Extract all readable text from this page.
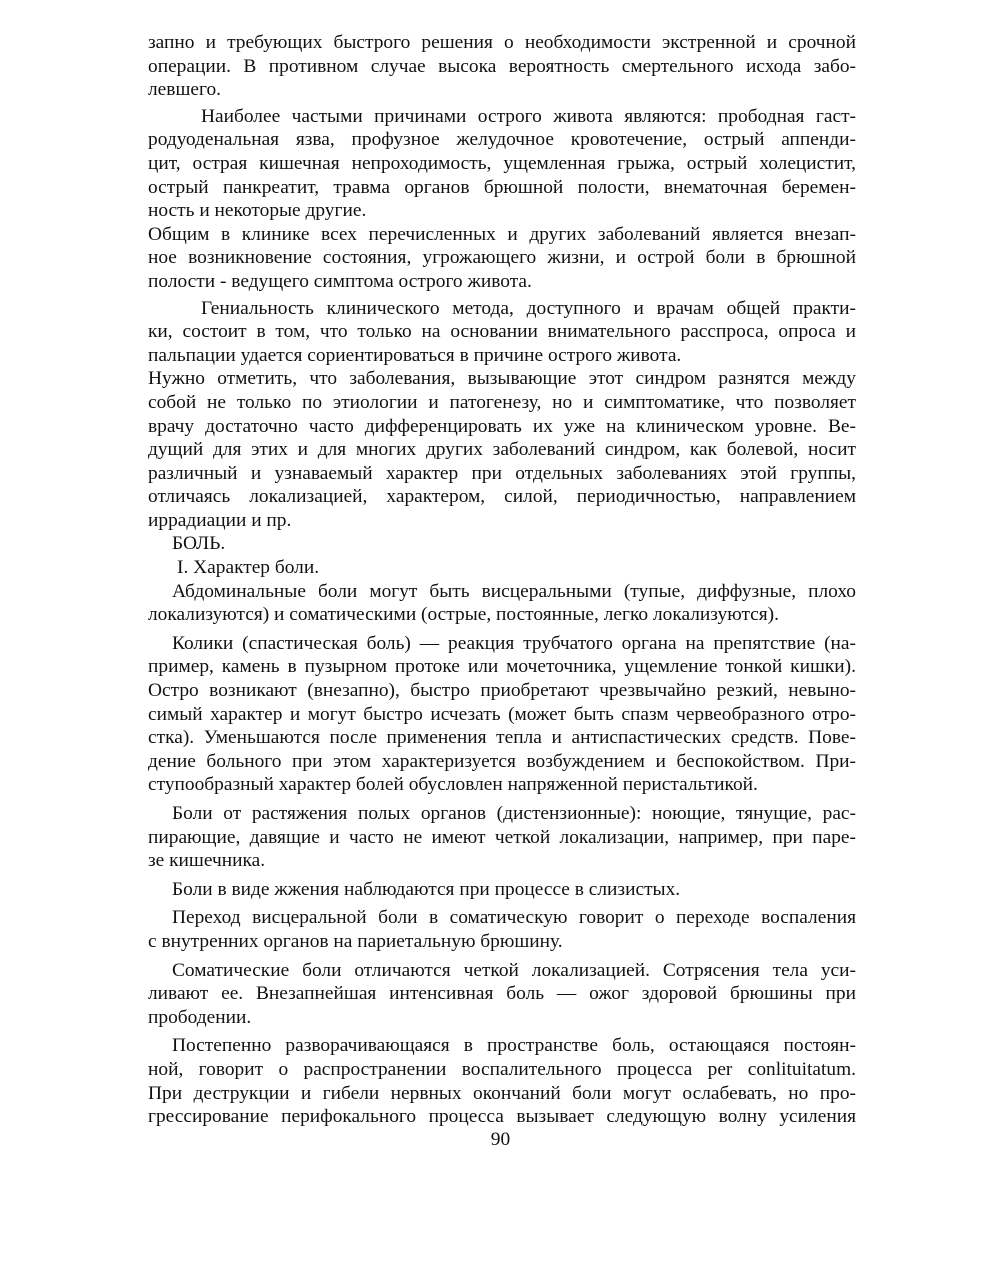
запно и требующих быстрого решения о необходимости экстренной и срочной
операции. В противном случае высока вероятность смертельного исхода забо-
левшего.
Наиболее частыми причинами острого живота являются: прободная гаст-
родуоденальная язва, профузное желудочное кровотечение, острый аппенди-
цит, острая кишечная непроходимость, ущемленная грыжа, острый холецистит,
острый панкреатит, травма органов брюшной полости, внематочная беремен-
ность и некоторые другие.
Общим в клинике всех перечисленных и других заболеваний является внезап-
ное возникновение состояния, угрожающего жизни, и острой боли в брюшной
полости - ведущего симптома острого живота.
Гениальность клинического метода, доступного и врачам общей практи-
ки, состоит в том, что только на основании внимательного расспроса, опроса и
пальпации удается сориентироваться в причине острого живота.
Нужно отметить, что заболевания, вызывающие этот синдром разнятся между
собой не только по этиологии и патогенезу, но и симптоматике, что позволяет
врачу достаточно часто дифференцировать их уже на клиническом уровне. Ве-
дущий для этих и для многих других заболеваний синдром, как болевой, носит
различный и узнаваемый характер при отдельных заболеваниях этой группы,
отличаясь локализацией, характером, силой, периодичностью, направлением
иррадиации и пр.
БОЛЬ.
I. Характер боли.
Абдоминальные боли могут быть висцеральными (тупые, диффузные, плохо
локализуются) и соматическими (острые, постоянные, легко локализуются).
Колики (спастическая боль) — реакция трубчатого органа на препятствие (на-
пример, камень в пузырном протоке или мочеточника, ущемление тонкой кишки).
Остро возникают (внезапно), быстро приобретают чрезвычайно резкий, невыно-
симый характер и могут быстро исчезать (может быть спазм червеобразного отро-
стка). Уменьшаются после применения тепла и антиспастических средств. Пове-
дение больного при этом характеризуется возбуждением и беспокойством. При-
ступообразный характер болей обусловлен напряженной перистальтикой.
Боли от растяжения полых органов (дистензионные): ноющие, тянущие, рас-
пирающие, давящие и часто не имеют четкой локализации, например, при паре-
зе кишечника.
Боли в виде жжения наблюдаются при процессе в слизистых.
Переход висцеральной боли в соматическую говорит о переходе воспаления
с внутренних органов на париетальную брюшину.
Соматические боли отличаются четкой локализацией. Сотрясения тела уси-
ливают ее. Внезапнейшая интенсивная боль — ожог здоровой брюшины при
прободении.
Постепенно разворачивающаяся в пространстве боль, остающаяся постоян-
ной, говорит о распространении воспалительного процесса per conlituitatum.
При деструкции и гибели нервных окончаний боли могут ослабевать, но про-
грессирование перифокального процесса вызывает следующую волну усиления
90
